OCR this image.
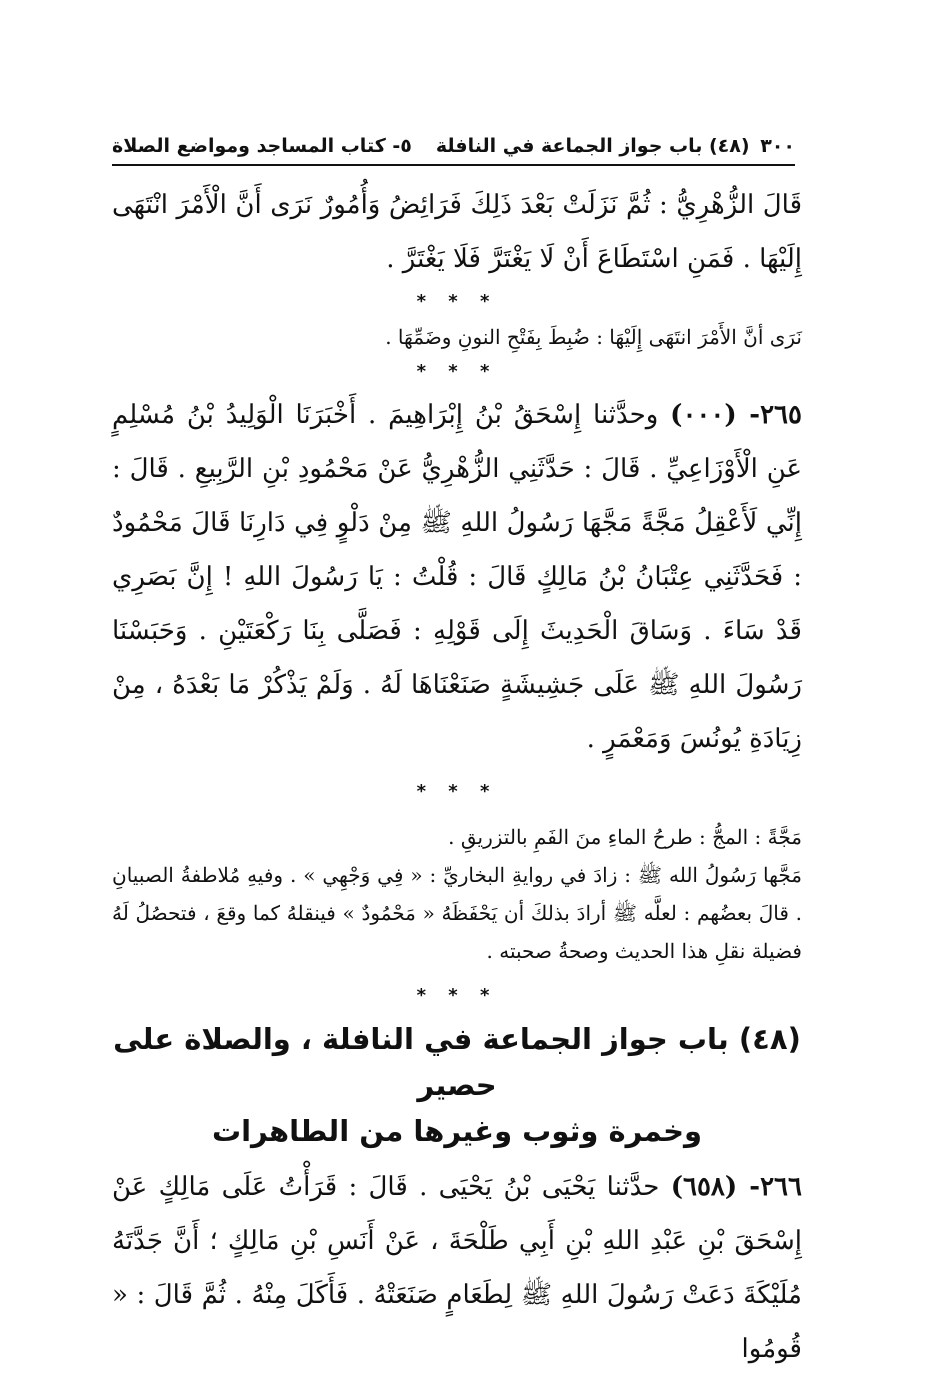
٣٠٠
(٤٨) باب جواز الجماعة في النافلة
٥- كتاب المساجد ومواضع الصلاة

قَالَ الزُّهْرِيُّ : ثُمَّ نَزَلَتْ بَعْدَ ذَلِكَ فَرَائِضُ وَأُمُورٌ نَرَى أَنَّ الْأَمْرَ انْتَهَى إِلَيْهَا . فَمَنِ اسْتَطَاعَ أَنْ لَا يَغْتَرَّ فَلَا يَغْتَرَّ .

* * *

نَرَى أنَّ الأَمْرَ انتَهَى إِلَيْهَا : ضُبِطَ بِفَتْحِ النونِ وضَمِّهَا .

* * *

٢٦٥- (٠٠٠) وحدَّثنا إِسْحَقُ بْنُ إِبْرَاهِيمَ . أَخْبَرَنَا الْوَلِيدُ بْنُ مُسْلِمٍ عَنِ الْأَوْزَاعِيِّ . قَالَ : حَدَّثَنِي الزُّهْرِيُّ عَنْ مَحْمُودِ بْنِ الرَّبِيعِ . قَالَ : إِنِّي لَأَعْقِلُ مَجَّةً مَجَّهَا رَسُولُ اللهِ ﷺ مِنْ دَلْوٍ فِي دَارِنَا قَالَ مَحْمُودٌ : فَحَدَّثَنِي عِتْبَانُ بْنُ مَالِكٍ قَالَ : قُلْتُ : يَا رَسُولَ اللهِ ! إِنَّ بَصَرِي قَدْ سَاءَ . وَسَاقَ الْحَدِيثَ إِلَى قَوْلِهِ : فَصَلَّى بِنَا رَكْعَتَيْنِ . وَحَبَسْنَا رَسُولَ اللهِ ﷺ عَلَى جَشِيشَةٍ صَنَعْنَاهَا لَهُ . وَلَمْ يَذْكُرْ مَا بَعْدَهُ ، مِنْ زِيَادَةِ يُونُسَ وَمَعْمَرٍ .

* * *

مَجَّةً : المجُّ : طرحُ الماءِ منَ الفَمِ بالتزريقِ .

مَجَّها رَسُولُ الله ﷺ : زادَ في روايةِ البخاريِّ : « فِي وَجْهِي » . وفيهِ مُلاطفةُ الصبيانِ . قالَ بعضُهم : لعلَّه ﷺ أرادَ بذلكَ أن يَحْفَظَهُ « مَحْمُودٌ » فينقلهُ كما وقعَ ، فتحصُلُ لَهُ فضيلة نقلِ هذا الحديث وصحةُ صحبته .

* * *
(٤٨) باب جواز الجماعة في النافلة ، والصلاة على حصير
وخمرة وثوب وغيرها من الطاهرات

٢٦٦- (٦٥٨) حدَّثنا يَحْيَى بْنُ يَحْيَى . قَالَ : قَرَأْتُ عَلَى مَالِكٍ عَنْ إِسْحَقَ بْنِ عَبْدِ اللهِ بْنِ أَبِي طَلْحَةَ ، عَنْ أَنَسِ بْنِ مَالِكٍ ؛ أَنَّ جَدَّتَهُ مُلَيْكَةَ دَعَتْ رَسُولَ اللهِ ﷺ لِطَعَامٍ صَنَعَتْهُ . فَأَكَلَ مِنْهُ . ثُمَّ قَالَ : « قُومُوا
